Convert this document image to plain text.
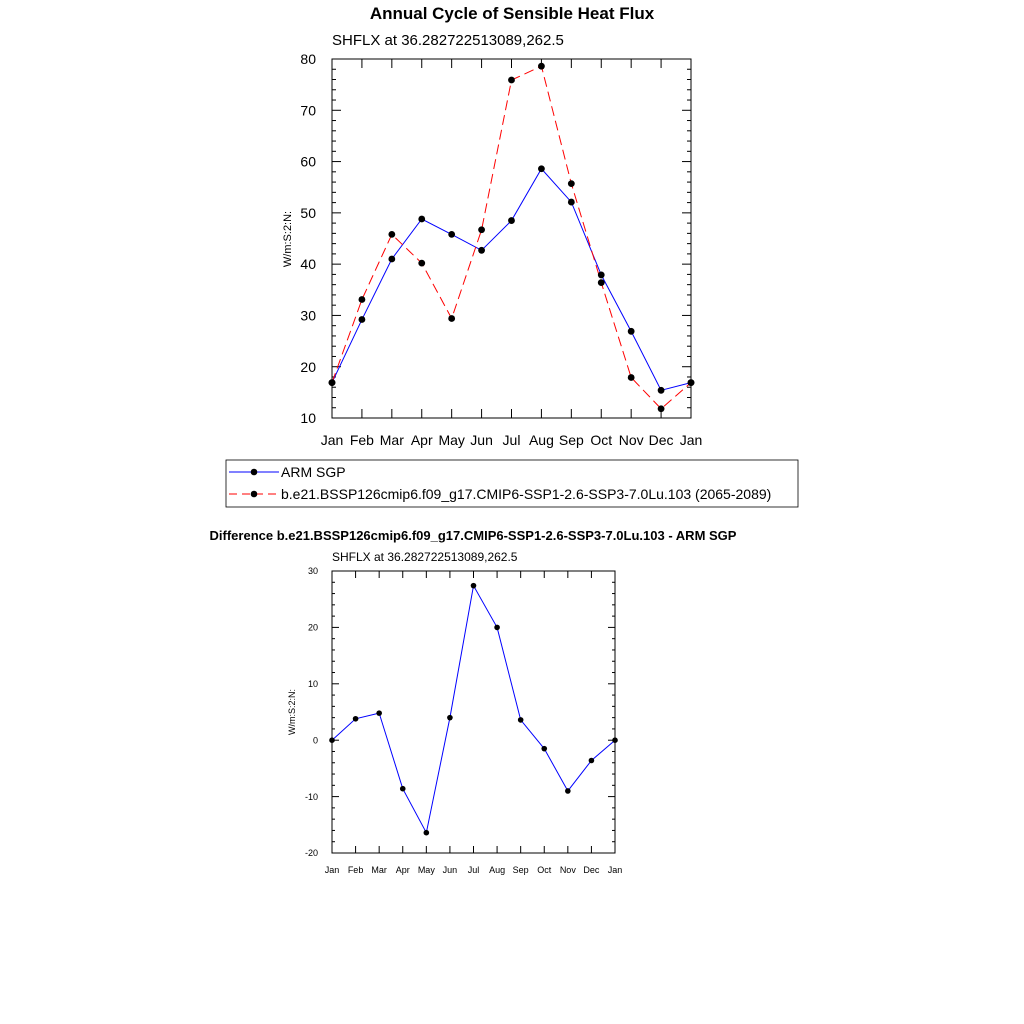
Annual Cycle of Sensible Heat Flux
SHFLX at 36.282722513089,262.5
W/m:S:2:N:
Jan Feb Mar Apr May Jun Jul Aug Sep Oct Nov Dec Jan
10
20
30
40
50
60
70
80
ARM SGP
b.e21.BSSP126cmip6.f09_g17.CMIP6-SSP1-2.6-SSP3-7.0Lu.103 (2065-2089)
Difference b.e21.BSSP126cmip6.f09_g17.CMIP6-SSP1-2.6-SSP3-7.0Lu.103 - ARM SGP
SHFLX at 36.282722513089,262.5
W/m:S:2:N:
Jan Feb Mar Apr May Jun Jul Aug Sep Oct Nov Dec Jan
-20
-10
0
10
20
30
